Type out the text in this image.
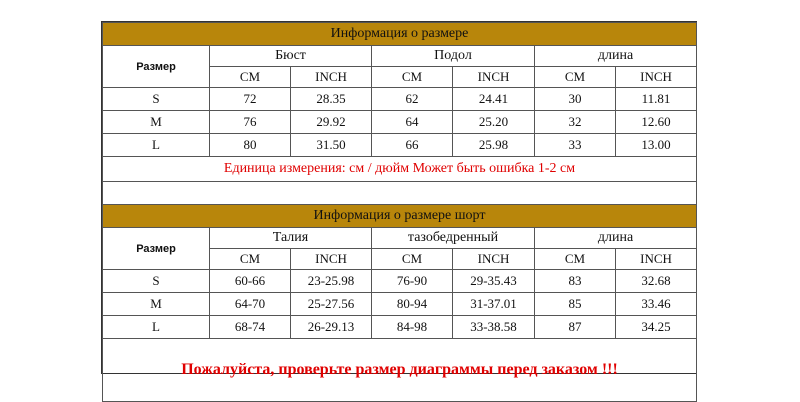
Информация о размере						
Размер	Бюст		Подол		длина	
	CM	INCH	CM	INCH	CM	INCH
S	72	28.35	62	24.41	30	11.81
M	76	29.92	64	25.20	32	12.60
L	80	31.50	66	25.98	33	13.00
Единица измерения: см / дюйм Может быть ошибка 1-2 см						

Информация о размере шорт						
Размер	Талия		тазобедренный		длина	
	CM	INCH	CM	INCH	CM	INCH
S	60-66	23-25.98	76-90	29-35.43	83	32.68
M	64-70	25-27.56	80-94	31-37.01	85	33.46
L	68-74	26-29.13	84-98	33-38.58	87	34.25
Пожалуйста, проверьте размер диаграммы перед заказом !!!						
